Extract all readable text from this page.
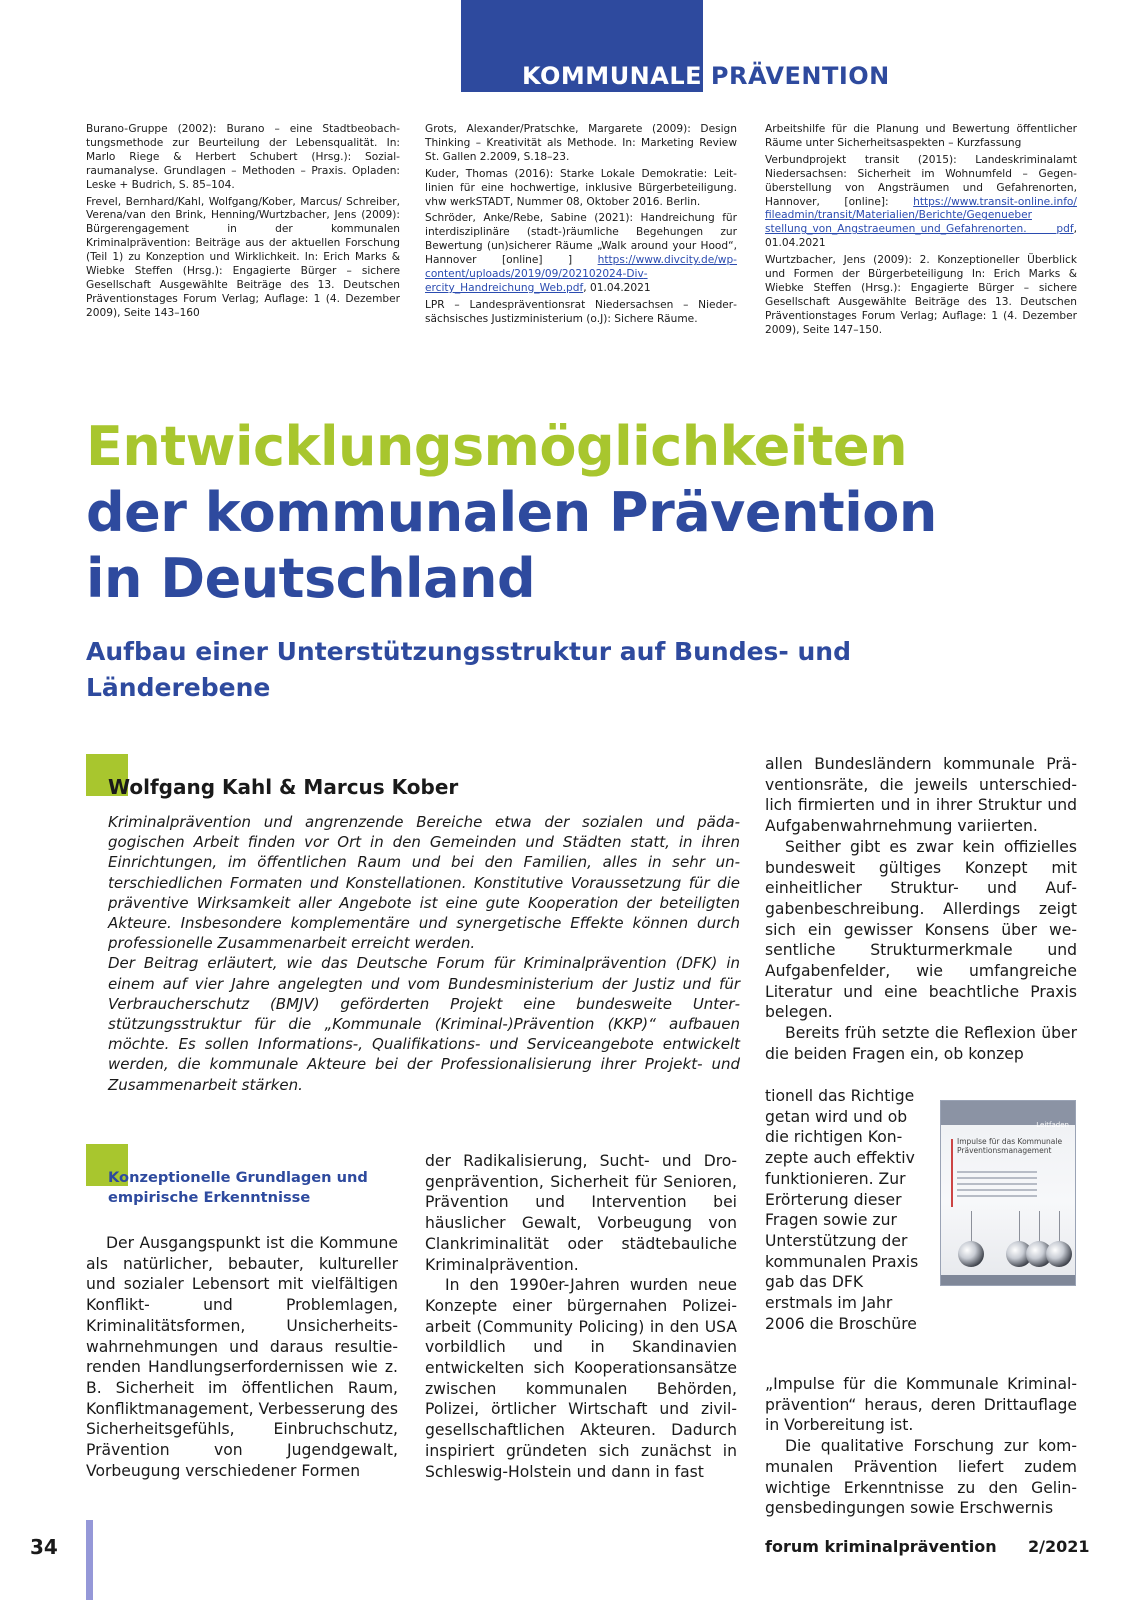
KOMMUNALE PRÄVENTION

Burano-Gruppe (2002): Burano – eine Stadtbeobachtungsmethode zur Beurteilung der Lebensqualität. In: Marlo Riege & Herbert Schubert (Hrsg.): Sozialraumanalyse. Grundlagen – Methoden – Praxis. Opladen: Leske + Budrich, S. 85–104.

Frevel, Bernhard/Kahl, Wolfgang/Kober, Marcus/ Schreiber, Verena/van den Brink, Henning/Wurtzbacher, Jens (2009): Bürgerengagement in der kommunalen Kriminalprävention: Beiträge aus der aktuellen Forschung (Teil 1) zu Konzeption und Wirklichkeit. In: Erich Marks & Wiebke Steffen (Hrsg.): Engagierte Bürger – sichere Gesellschaft Ausgewählte Beiträge des 13. Deutschen Präventionstages Forum Verlag; Auflage: 1 (4. Dezember 2009), Seite 143–160

Grots, Alexander/Pratschke, Margarete (2009): Design Thinking – Kreativität als Methode. In: Marketing Review St. Gallen 2.2009, S.18–23.

Kuder, Thomas (2016): Starke Lokale Demokratie: Leitlinien für eine hochwertige, inklusive Bürgerbeteiligung. vhw werkSTADT, Nummer 08, Oktober 2016. Berlin.

Schröder, Anke/Rebe, Sabine (2021): Handreichung für interdisziplinäre (stadt-)räumliche Begehungen zur Bewertung (un)sicherer Räume „Walk around your Hood“, Hannover [online] ] https://www.divcity.de/wp-content/uploads/2019/09/202102024-Divercity_Handreichung_Web.pdf, 01.04.2021

LPR – Landespräventionsrat Niedersachsen – Niedersächsisches Justizministerium (o.J): Sichere Räume.

Arbeitshilfe für die Planung und Bewertung öffentlicher Räume unter Sicherheitsaspekten – Kurzfassung

Verbundprojekt transit (2015): Landeskriminalamt Niedersachsen: Sicherheit im Wohnumfeld – Gegenüberstellung von Angsträumen und Gefahrenorten, Hannover, [online]: https://www.transit-online.info/ fileadmin/transit/Materialien/Berichte/Gegenueber stellung_von_Angstraeumen_und_Gefahrenorten. pdf, 01.04.2021

Wurtzbacher, Jens (2009): 2. Konzeptioneller Überblick und Formen der Bürgerbeteiligung In: Erich Marks & Wiebke Steffen (Hrsg.): Engagierte Bürger – sichere Gesellschaft Ausgewählte Beiträge des 13. Deutschen Präventionstages Forum Verlag; Auflage: 1 (4. Dezember 2009), Seite 147–150.

Entwicklungsmöglichkeiten
der kommunalen Prävention
in Deutschland
Aufbau einer Unterstützungsstruktur auf Bundes- und Länderebene
Wolfgang Kahl & Marcus Kober

Kriminalprävention und angrenzende Bereiche etwa der sozialen und pädagogischen Arbeit finden vor Ort in den Gemeinden und Städten statt, in ihren Einrichtungen, im öffentlichen Raum und bei den Familien, alles in sehr unterschiedlichen Formaten und Konstellationen. Konstitutive Voraussetzung für die präventive Wirksamkeit aller Angebote ist eine gute Kooperation der beteiligten Akteure. Insbesondere komplementäre und synergetische Effekte können durch professionelle Zusammenarbeit erreicht werden.

Der Beitrag erläutert, wie das Deutsche Forum für Kriminalprävention (DFK) in einem auf vier Jahre angelegten und vom Bundesministerium der Justiz und für Verbraucherschutz (BMJV) geförderten Projekt eine bundesweite Unterstützungsstruktur für die „Kommunale (Kriminal-)Prävention (KKP)“ aufbauen möchte. Es sollen Informations-, Qualifikations- und Serviceangebote entwickelt werden, die kommunale Akteure bei der Professionalisierung ihrer Projekt- und Zusammenarbeit stärken.

Konzeptionelle Grundlagen und empirische Erkenntnisse

Der Ausgangspunkt ist die Kommune als natürlicher, bebauter, kultureller und sozialer Lebensort mit vielfältigen Konflikt- und Problemlagen, Kriminalitätsformen, Unsicherheitswahrnehmungen und daraus resultierenden Handlungserfordernissen wie z. B. Sicherheit im öffentlichen Raum, Konfliktmanagement, Verbesserung des Sicherheitsgefühls, Einbruchschutz, Prävention von Jugendgewalt, Vorbeugung verschiedener Formen

der Radikalisierung, Sucht- und Drogenprävention, Sicherheit für Senioren, Prävention und Intervention bei häuslicher Gewalt, Vorbeugung von Clankriminalität oder städtebauliche Kriminalprävention.

In den 1990er-Jahren wurden neue Konzepte einer bürgernahen Polizeiarbeit (Community Policing) in den USA vorbildlich und in Skandinavien entwickelten sich Kooperationsansätze zwischen kommunalen Behörden, Polizei, örtlicher Wirtschaft und zivilgesellschaftlichen Akteuren. Dadurch inspiriert gründeten sich zunächst in Schleswig-Holstein und dann in fast

allen Bundesländern kommunale Präventionsräte, die jeweils unterschiedlich firmierten und in ihrer Struktur und Aufgabenwahrnehmung variierten.

Seither gibt es zwar kein offizielles bundesweit gültiges Konzept mit einheitlicher Struktur- und Aufgabenbeschreibung. Allerdings zeigt sich ein gewisser Konsens über wesentliche Strukturmerkmale und Aufgabenfelder, wie umfangreiche Literatur und eine beachtliche Praxis belegen.

Bereits früh setzte die Reflexion über die beiden Fragen ein, ob konzep

tionell das Richtige getan wird und ob die richtigen Konzepte auch effektiv funktionieren. Zur Erörterung dieser Fragen sowie zur Unterstützung der kommunalen Praxis gab das DFK erstmals im Jahr 2006 die Broschüre

„Impulse für die Kommunale Kriminalprävention“ heraus, deren Drittauflage in Vorbereitung ist.

Die qualitative Forschung zur kommunalen Prävention liefert zudem wichtige Erkenntnisse zu den Gelingensbedingungen sowie Erschwernis

Leitfaden
Impulse für das Kommunale Präventionsmanagement
34	forum kriminalprävention 2/2021
